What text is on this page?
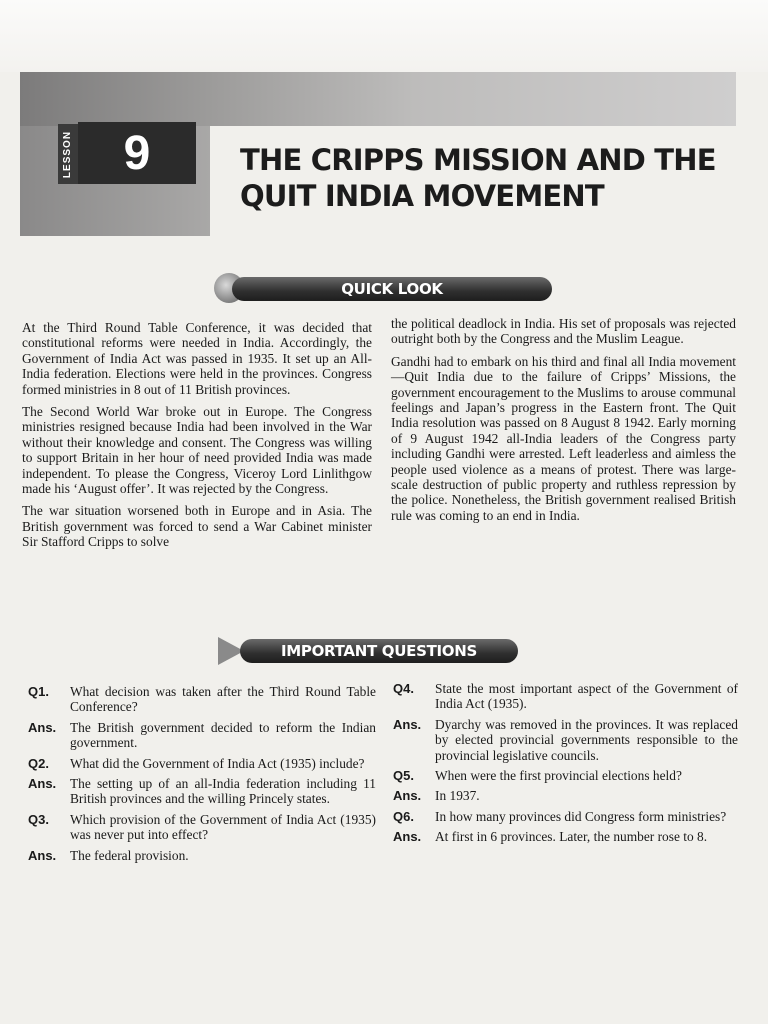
LESSON	9	THE CRIPPS MISSION AND THE QUIT INDIA MOVEMENT
QUICK LOOK

At the Third Round Table Conference, it was decided that constitutional reforms were needed in India. Accordingly, the Government of India Act was passed in 1935. It set up an All-India federation. Elections were held in the provinces. Congress formed ministries in 8 out of 11 British provinces.

The Second World War broke out in Europe. The Congress ministries resigned because India had been involved in the War without their knowledge and consent. The Congress was willing to support Britain in her hour of need provided India was made independent. To please the Congress, Viceroy Lord Linlithgow made his ‘August offer’. It was rejected by the Congress.

The war situation worsened both in Europe and in Asia. The British government was forced to send a War Cabinet minister Sir Stafford Cripps to solve

the political deadlock in India. His set of proposals was rejected outright both by the Congress and the Muslim League.

Gandhi had to embark on his third and final all India movement—Quit India due to the failure of Cripps’ Missions, the government encouragement to the Muslims to arouse communal feelings and Japan’s progress in the Eastern front. The Quit India resolution was passed on 8 August 8 1942. Early morning of 9 August 1942 all-India leaders of the Congress party including Gandhi were arrested. Left leaderless and aimless the people used violence as a means of protest. There was large-scale destruction of public property and ruthless repression by the police. Nonetheless, the British government realised British rule was coming to an end in India.

IMPORTANT QUESTIONS
Q1.	What decision was taken after the Third Round Table Conference?
Ans.	The British government decided to reform the Indian government.
Q2.	What did the Government of India Act (1935) include?
Ans.	The setting up of an all-India federation including 11 British provinces and the willing Princely states.
Q3.	Which provision of the Government of India Act (1935) was never put into effect?
Ans.	The federal provision.
Q4.	State the most important aspect of the Government of India Act (1935).
Ans.	Dyarchy was removed in the provinces. It was replaced by elected provincial governments responsible to the provincial legislative councils.
Q5.	When were the first provincial elections held?
Ans.	In 1937.
Q6.	In how many provinces did Congress form ministries?
Ans.	At first in 6 provinces. Later, the number rose to 8.
